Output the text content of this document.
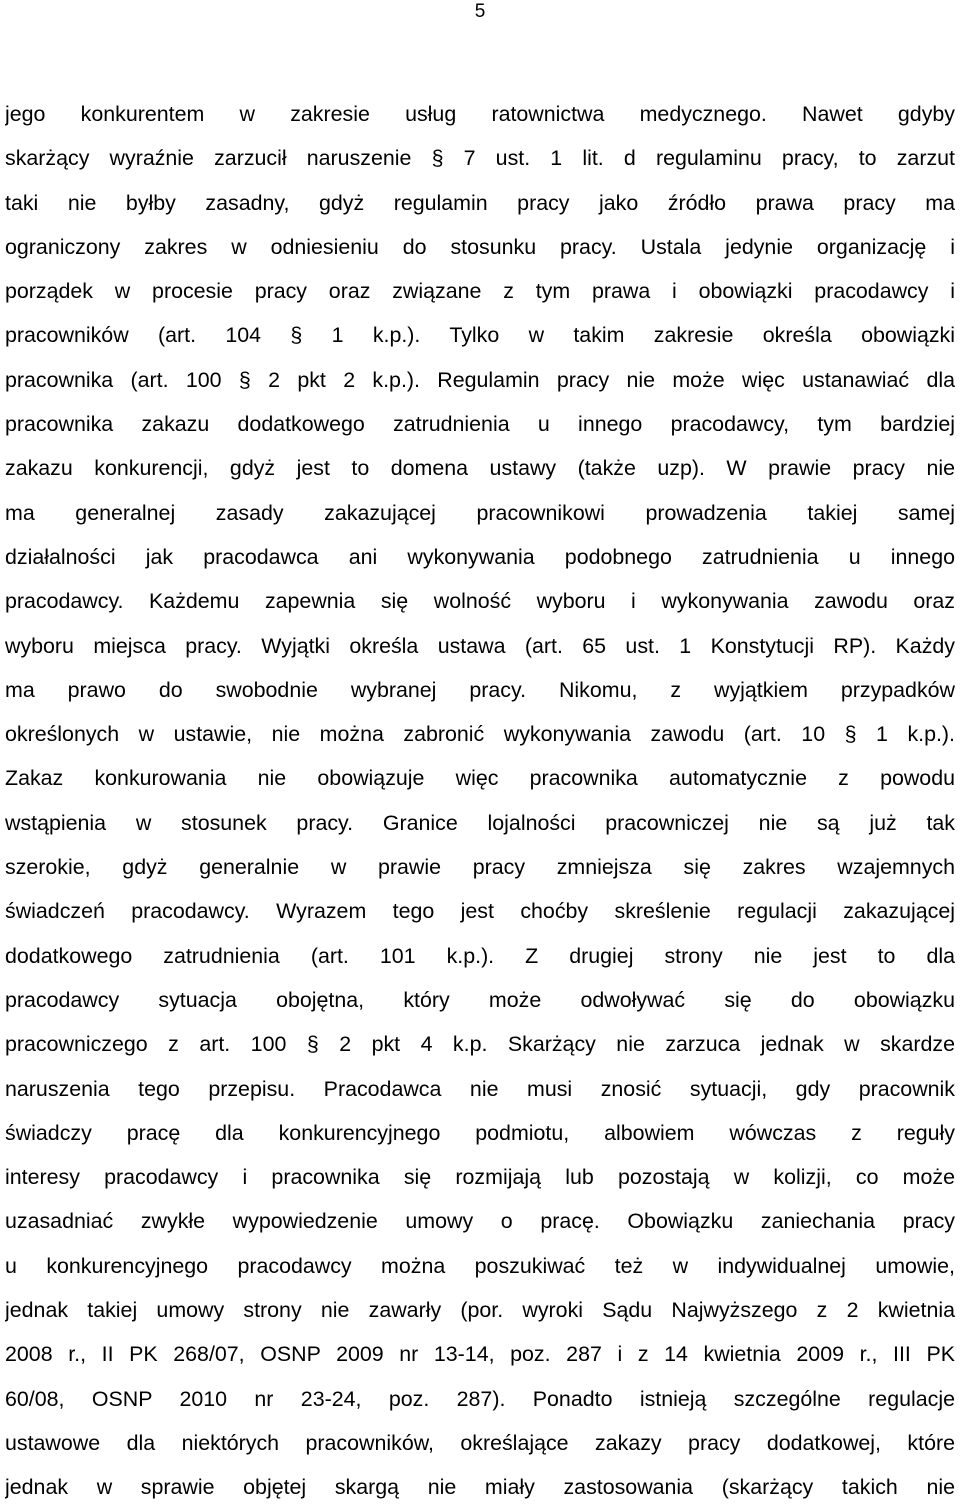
5
jego konkurentem w zakresie usług ratownictwa medycznego. Nawet gdyby
skarżący wyraźnie zarzucił naruszenie § 7 ust. 1 lit. d regulaminu pracy, to zarzut
taki nie byłby zasadny, gdyż regulamin pracy jako źródło prawa pracy ma
ograniczony zakres w odniesieniu do stosunku pracy. Ustala jedynie organizację i
porządek w procesie pracy oraz związane z tym prawa i obowiązki pracodawcy i
pracowników (art. 104 § 1 k.p.). Tylko w takim zakresie określa obowiązki
pracownika (art. 100 § 2 pkt 2 k.p.). Regulamin pracy nie może więc ustanawiać dla
pracownika zakazu dodatkowego zatrudnienia u innego pracodawcy, tym bardziej
zakazu konkurencji, gdyż jest to domena ustawy (także uzp). W prawie pracy nie
ma generalnej zasady zakazującej pracownikowi prowadzenia takiej samej
działalności jak pracodawca ani wykonywania podobnego zatrudnienia u innego
pracodawcy. Każdemu zapewnia się wolność wyboru i wykonywania zawodu oraz
wyboru miejsca pracy. Wyjątki określa ustawa (art. 65 ust. 1 Konstytucji RP). Każdy
ma prawo do swobodnie wybranej pracy. Nikomu, z wyjątkiem przypadków
określonych w ustawie, nie można zabronić wykonywania zawodu (art. 10 § 1 k.p.).
Zakaz konkurowania nie obowiązuje więc pracownika automatycznie z powodu
wstąpienia w stosunek pracy. Granice lojalności pracowniczej nie są już tak
szerokie, gdyż generalnie w prawie pracy zmniejsza się zakres wzajemnych
świadczeń pracodawcy. Wyrazem tego jest choćby skreślenie regulacji zakazującej
dodatkowego zatrudnienia (art. 101 k.p.). Z drugiej strony nie jest to dla
pracodawcy sytuacja obojętna, który może odwoływać się do obowiązku
pracowniczego z art. 100 § 2 pkt 4 k.p. Skarżący nie zarzuca jednak w skardze
naruszenia tego przepisu. Pracodawca nie musi znosić sytuacji, gdy pracownik
świadczy pracę dla konkurencyjnego podmiotu, albowiem wówczas z reguły
interesy pracodawcy i pracownika się rozmijają lub pozostają w kolizji, co może
uzasadniać zwykłe wypowiedzenie umowy o pracę. Obowiązku zaniechania pracy
u konkurencyjnego pracodawcy można poszukiwać też w indywidualnej umowie,
jednak takiej umowy strony nie zawarły (por. wyroki Sądu Najwyższego z 2 kwietnia
2008 r., II PK 268/07, OSNP 2009 nr 13-14, poz. 287 i z 14 kwietnia 2009 r., III PK
60/08, OSNP 2010 nr 23-24, poz. 287). Ponadto istnieją szczególne regulacje
ustawowe dla niektórych pracowników, określające zakazy pracy dodatkowej, które
jednak w sprawie objętej skargą nie miały zastosowania (skarżący takich nie
